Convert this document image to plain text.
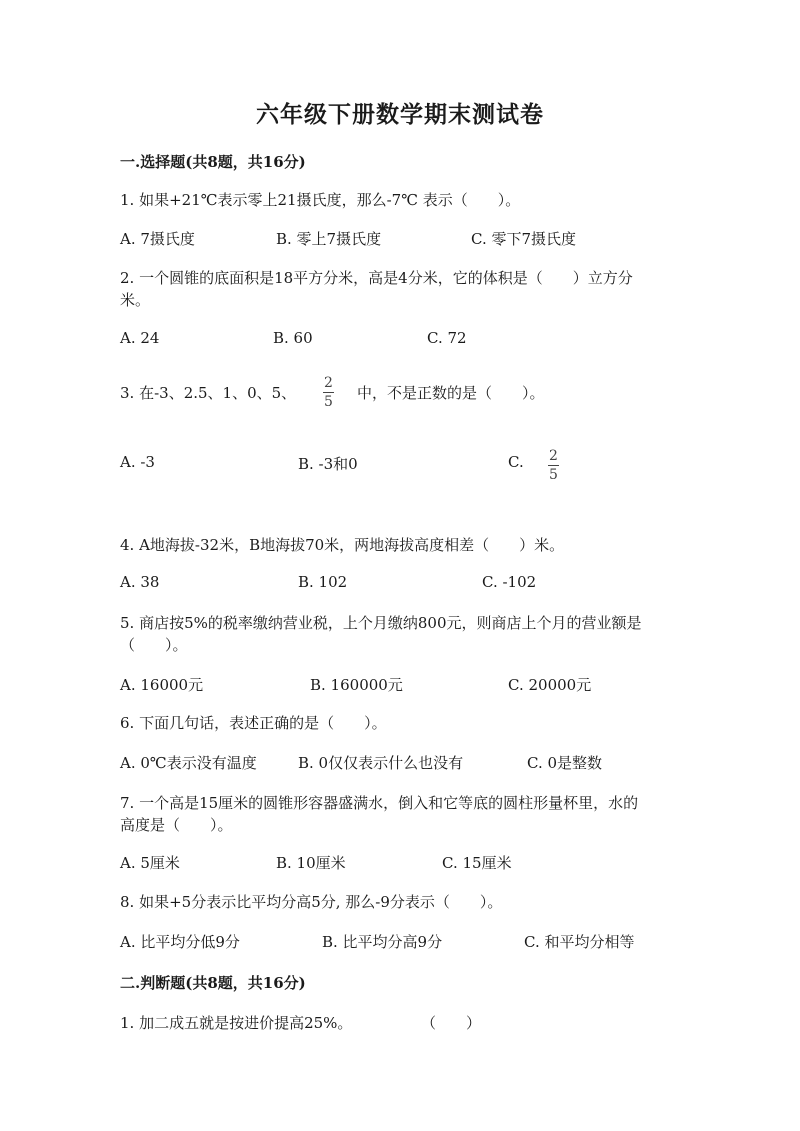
六年级下册数学期末测试卷
一.选择题(共8题，共16分)
1. 如果+21℃表示零上21摄氏度，那么-7℃ 表示（　　）。
A. 7摄氏度	B. 零上7摄氏度	C. 零下7摄氏度
2. 一个圆锥的底面积是18平方分米，高是4分米，它的体积是（　　）立方分
米。
A. 24	B. 60	C. 72
3. 在-3、2.5、1、0、5、
2
5 中，不是正数的是（　　）。
A. -3	B. -3和0	C. 2
5
4. A地海拔-32米，B地海拔70米，两地海拔高度相差（　　）米。
A. 38	B. 102	C. -102
5. 商店按5%的税率缴纳营业税，上个月缴纳800元，则商店上个月的营业额是
（　　）。
A. 16000元	B. 160000元	C. 20000元
6. 下面几句话，表述正确的是（　　）。
A. 0℃表示没有温度	B. 0仅仅表示什么也没有	C. 0是整数
7. 一个高是15厘米的圆锥形容器盛满水，倒入和它等底的圆柱形量杯里，水的
高度是（　　）。
A. 5厘米	B. 10厘米	C. 15厘米
8. 如果+5分表示比平均分高5分, 那么-9分表示（　　）。
A. 比平均分低9分	B. 比平均分高9分	C. 和平均分相等
二.判断题(共8题，共16分)
1. 加二成五就是按进价提高25%。	（　　）
